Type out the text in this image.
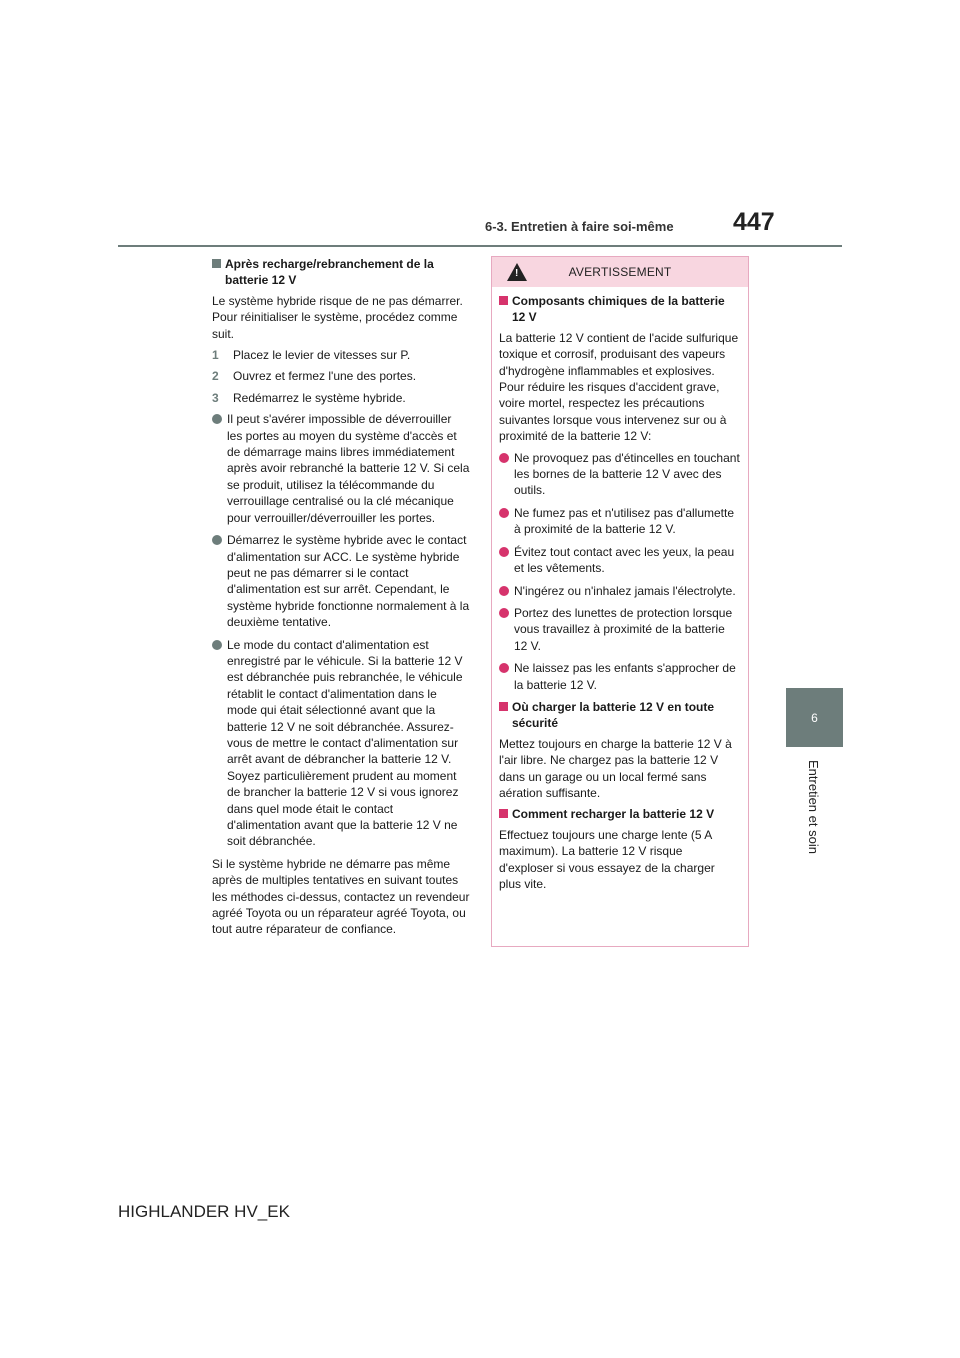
6-3. Entretien à faire soi-même 447
6
Entretien et soin
Après recharge/rebranchement de la batterie 12 V

Le système hybride risque de ne pas démarrer. Pour réinitialiser le système, procédez comme suit.

1 Placez le levier de vitesses sur P.
2 Ouvrez et fermez l'une des portes.
3 Redémarrez le système hybride.
Il peut s'avérer impossible de déverrouiller les portes au moyen du système d'accès et de démarrage mains libres immédiatement après avoir rebranché la batterie 12 V. Si cela se produit, utilisez la télécommande du verrouillage centralisé ou la clé mécanique pour verrouiller/déverrouiller les portes.
Démarrez le système hybride avec le contact d'alimentation sur ACC. Le système hybride peut ne pas démarrer si le contact d'alimentation est sur arrêt. Cependant, le système hybride fonctionne normalement à la deuxième tentative.
Le mode du contact d'alimentation est enregistré par le véhicule. Si la batterie 12 V est débranchée puis rebranchée, le véhicule rétablit le contact d'alimentation dans le mode qui était sélectionné avant que la batterie 12 V ne soit débranchée. Assurez-vous de mettre le contact d'alimentation sur arrêt avant de débrancher la batterie 12 V. Soyez particulièrement prudent au moment de brancher la batterie 12 V si vous ignorez dans quel mode était le contact d'alimentation avant que la batterie 12 V ne soit débranchée.

Si le système hybride ne démarre pas même après de multiples tentatives en suivant toutes les méthodes ci-dessus, contactez un revendeur agréé Toyota ou un réparateur agréé Toyota, ou tout autre réparateur de confiance.

!	AVERTISSEMENT
Composants chimiques de la batterie 12 V

La batterie 12 V contient de l'acide sulfurique toxique et corrosif, produisant des vapeurs d'hydrogène inflammables et explosives. Pour réduire les risques d'accident grave, voire mortel, respectez les précautions suivantes lorsque vous intervenez sur ou à proximité de la batterie 12 V:

Ne provoquez pas d'étincelles en touchant les bornes de la batterie 12 V avec des outils.
Ne fumez pas et n'utilisez pas d'allumette à proximité de la batterie 12 V.
Évitez tout contact avec les yeux, la peau et les vêtements.
N'ingérez ou n'inhalez jamais l'électrolyte.
Portez des lunettes de protection lorsque vous travaillez à proximité de la batterie 12 V.
Ne laissez pas les enfants s'approcher de la batterie 12 V.
Où charger la batterie 12 V en toute sécurité

Mettez toujours en charge la batterie 12 V à l'air libre. Ne chargez pas la batterie 12 V dans un garage ou un local fermé sans aération suffisante.

Comment recharger la batterie 12 V

Effectuez toujours une charge lente (5 A maximum). La batterie 12 V risque d'exploser si vous essayez de la charger plus vite.

HIGHLANDER HV_EK
